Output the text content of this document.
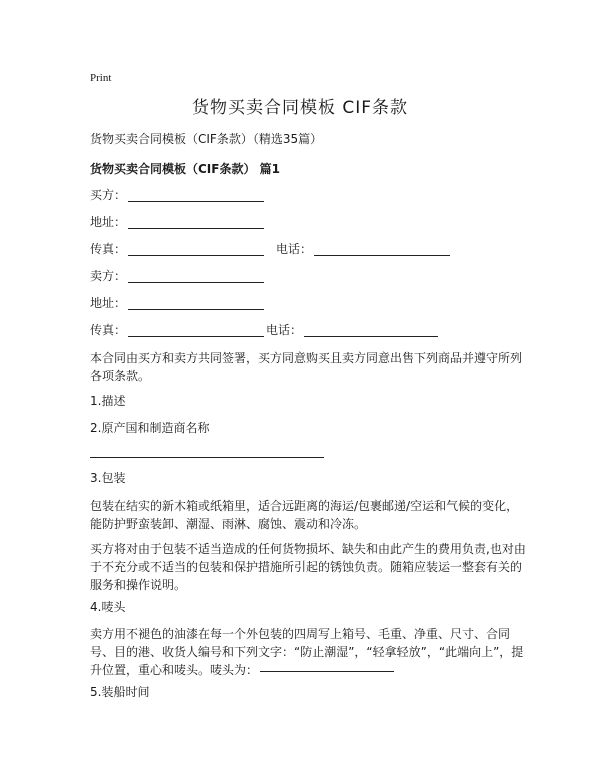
Print
货物买卖合同模板 CIF条款
货物买卖合同模板（CIF条款）（精选35篇）
货物买卖合同模板（CIF条款） 篇1
买方：
地址：
传真：	电话：
卖方：
地址：
传真：	电话：
本合同由买方和卖方共同签署，买方同意购买且卖方同意出售下列商品并遵守所列各项条款。
1.描述
2.原产国和制造商名称
3.包装
包装在结实的新木箱或纸箱里，适合远距离的海运/包裹邮递/空运和气候的变化，能防护野蛮装卸、潮湿、雨淋、腐蚀、震动和冷冻。
买方将对由于包装不适当造成的任何货物损坏、缺失和由此产生的费用负责,也对由于不充分或不适当的包装和保护措施所引起的锈蚀负责。随箱应装运一整套有关的服务和操作说明。
4.唛头
卖方用不褪色的油漆在每一个外包装的四周写上箱号、毛重、净重、尺寸、合同号、目的港、收货人编号和下列文字：“防止潮湿”，“轻拿轻放”，“此端向上”，提升位置，重心和唛头。唛头为：
5.装船时间
